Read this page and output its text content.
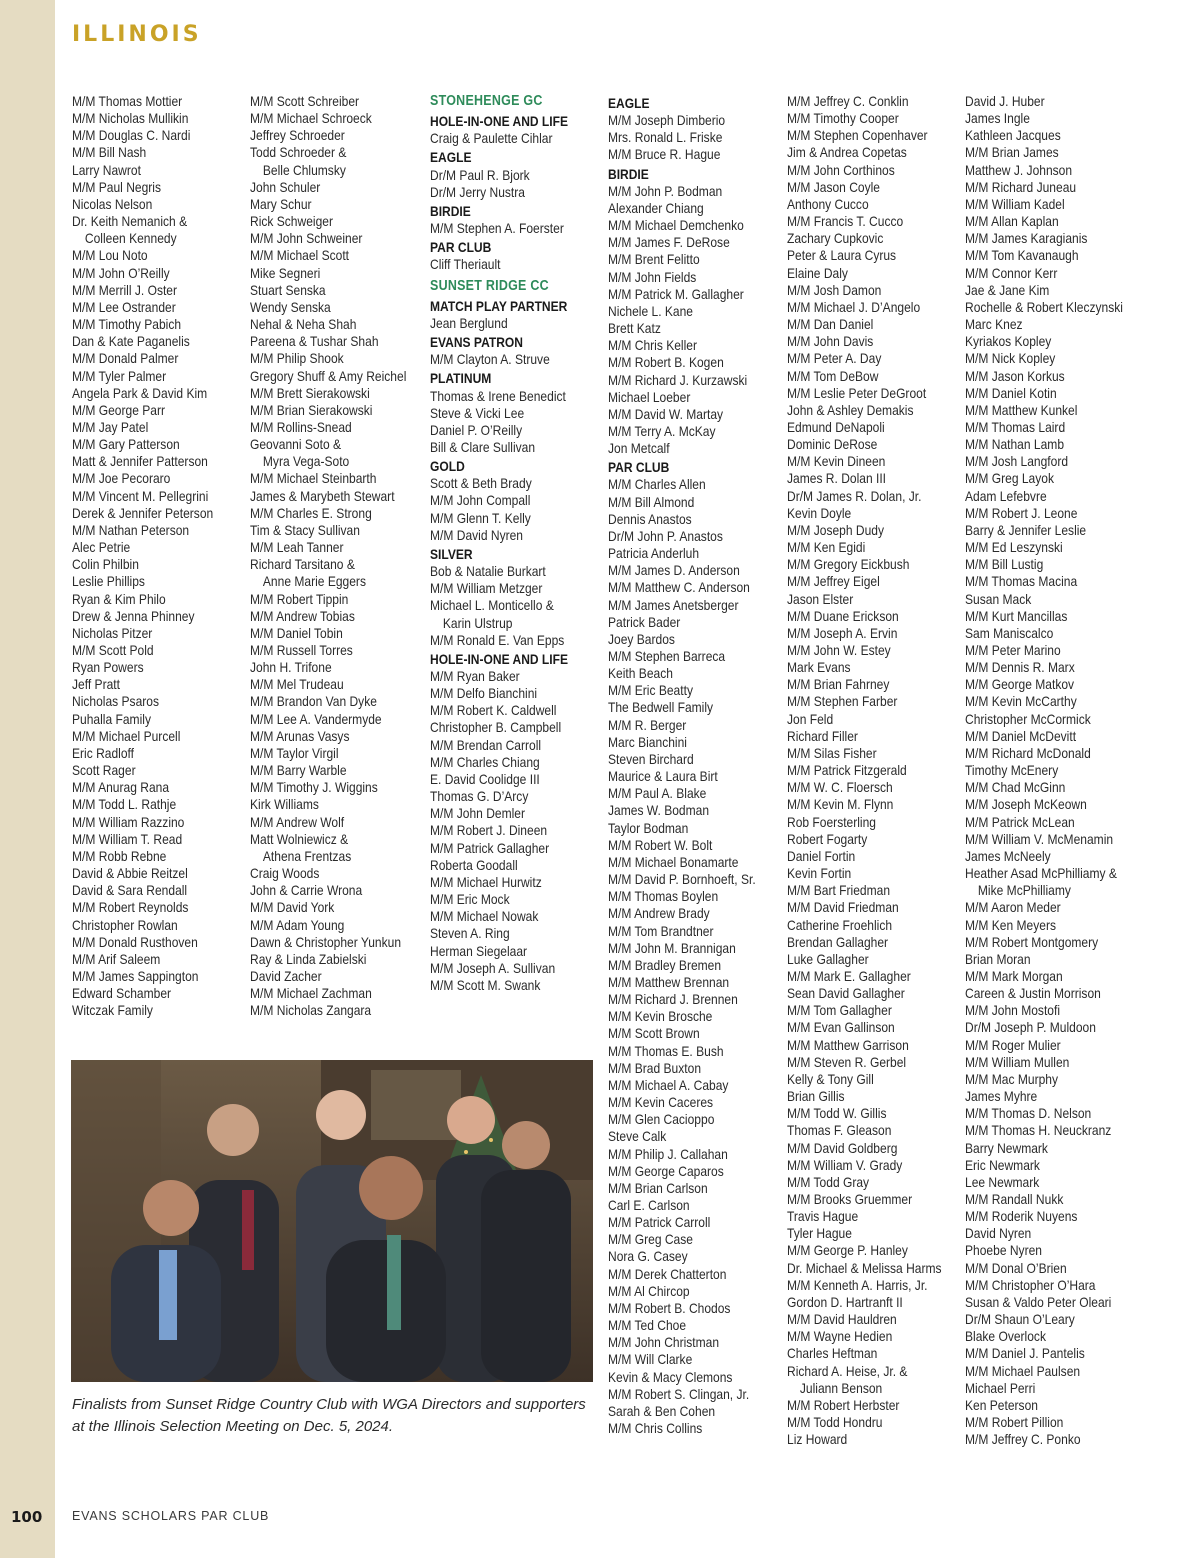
ILLINOIS
M/M Thomas Mottier
M/M Nicholas Mullikin
M/M Douglas C. Nardi
M/M Bill Nash
Larry Nawrot
M/M Paul Negris
Nicolas Nelson
Dr. Keith Nemanich &
Colleen Kennedy
M/M Lou Noto
M/M John O’Reilly
M/M Merrill J. Oster
M/M Lee Ostrander
M/M Timothy Pabich
Dan & Kate Paganelis
M/M Donald Palmer
M/M Tyler Palmer
Angela Park & David Kim
M/M George Parr
M/M Jay Patel
M/M Gary Patterson
Matt & Jennifer Patterson
M/M Joe Pecoraro
M/M Vincent M. Pellegrini
Derek & Jennifer Peterson
M/M Nathan Peterson
Alec Petrie
Colin Philbin
Leslie Phillips
Ryan & Kim Philo
Drew & Jenna Phinney
Nicholas Pitzer
M/M Scott Pold
Ryan Powers
Jeff Pratt
Nicholas Psaros
Puhalla Family
M/M Michael Purcell
Eric Radloff
Scott Rager
M/M Anurag Rana
M/M Todd L. Rathje
M/M William Razzino
M/M William T. Read
M/M Robb Rebne
David & Abbie Reitzel
David & Sara Rendall
M/M Robert Reynolds
Christopher Rowlan
M/M Donald Rusthoven
M/M Arif Saleem
M/M James Sappington
Edward Schamber
Witczak Family
M/M Scott Schreiber
M/M Michael Schroeck
Jeffrey Schroeder
Todd Schroeder &
Belle Chlumsky
John Schuler
Mary Schur
Rick Schweiger
M/M John Schweiner
M/M Michael Scott
Mike Segneri
Stuart Senska
Wendy Senska
Nehal & Neha Shah
Pareena & Tushar Shah
M/M Philip Shook
Gregory Shuff & Amy Reichel
M/M Brett Sierakowski
M/M Brian Sierakowski
M/M Rollins-Snead
Geovanni Soto &
Myra Vega-Soto
M/M Michael Steinbarth
James & Marybeth Stewart
M/M Charles E. Strong
Tim & Stacy Sullivan
M/M Leah Tanner
Richard Tarsitano &
Anne Marie Eggers
M/M Robert Tippin
M/M Andrew Tobias
M/M Daniel Tobin
M/M Russell Torres
John H. Trifone
M/M Mel Trudeau
M/M Brandon Van Dyke
M/M Lee A. Vandermyde
M/M Arunas Vasys
M/M Taylor Virgil
M/M Barry Warble
M/M Timothy J. Wiggins
Kirk Williams
M/M Andrew Wolf
Matt Wolniewicz &
Athena Frentzas
Craig Woods
John & Carrie Wrona
M/M David York
M/M Adam Young
Dawn & Christopher Yunkun
Ray & Linda Zabielski
David Zacher
M/M Michael Zachman
M/M Nicholas Zangara
STONEHENGE GC
HOLE-IN-ONE AND LIFE
Craig & Paulette Cihlar
EAGLE
Dr/M Paul R. Bjork
Dr/M Jerry Nustra
BIRDIE
M/M Stephen A. Foerster
PAR CLUB
Cliff Theriault
SUNSET RIDGE CC
MATCH PLAY PARTNER
Jean Berglund
EVANS PATRON
M/M Clayton A. Struve
PLATINUM
Thomas & Irene Benedict
Steve & Vicki Lee
Daniel P. O’Reilly
Bill & Clare Sullivan
GOLD
Scott & Beth Brady
M/M John Compall
M/M Glenn T. Kelly
M/M David Nyren
SILVER
Bob & Natalie Burkart
M/M William Metzger
Michael L. Monticello &
Karin Ulstrup
M/M Ronald E. Van Epps
HOLE-IN-ONE AND LIFE
M/M Ryan Baker
M/M Delfo Bianchini
M/M Robert K. Caldwell
Christopher B. Campbell
M/M Brendan Carroll
M/M Charles Chiang
E. David Coolidge III
Thomas G. D’Arcy
M/M John Demler
M/M Robert J. Dineen
M/M Patrick Gallagher
Roberta Goodall
M/M Michael Hurwitz
M/M Eric Mock
M/M Michael Nowak
Steven A. Ring
Herman Siegelaar
M/M Joseph A. Sullivan
M/M Scott M. Swank
EAGLE
M/M Joseph Dimberio
Mrs. Ronald L. Friske
M/M Bruce R. Hague
BIRDIE
M/M John P. Bodman
Alexander Chiang
M/M Michael Demchenko
M/M James F. DeRose
M/M Brent Felitto
M/M John Fields
M/M Patrick M. Gallagher
Nichele L. Kane
Brett Katz
M/M Chris Keller
M/M Robert B. Kogen
M/M Richard J. Kurzawski
Michael Loeber
M/M David W. Martay
M/M Terry A. McKay
Jon Metcalf
PAR CLUB
M/M Charles Allen
M/M Bill Almond
Dennis Anastos
Dr/M John P. Anastos
Patricia Anderluh
M/M James D. Anderson
M/M Matthew C. Anderson
M/M James Anetsberger
Patrick Bader
Joey Bardos
M/M Stephen Barreca
Keith Beach
M/M Eric Beatty
The Bedwell Family
M/M R. Berger
Marc Bianchini
Steven Birchard
Maurice & Laura Birt
M/M Paul A. Blake
James W. Bodman
Taylor Bodman
M/M Robert W. Bolt
M/M Michael Bonamarte
M/M David P. Bornhoeft, Sr.
M/M Thomas Boylen
M/M Andrew Brady
M/M Tom Brandtner
M/M John M. Brannigan
M/M Bradley Bremen
M/M Matthew Brennan
M/M Richard J. Brennen
M/M Kevin Brosche
M/M Scott Brown
M/M Thomas E. Bush
M/M Brad Buxton
M/M Michael A. Cabay
M/M Kevin Caceres
M/M Glen Cacioppo
Steve Calk
M/M Philip J. Callahan
M/M George Caparos
M/M Brian Carlson
Carl E. Carlson
M/M Patrick Carroll
M/M Greg Case
Nora G. Casey
M/M Derek Chatterton
M/M Al Chircop
M/M Robert B. Chodos
M/M Ted Choe
M/M John Christman
M/M Will Clarke
Kevin & Macy Clemons
M/M Robert S. Clingan, Jr.
Sarah & Ben Cohen
M/M Chris Collins
M/M Jeffrey C. Conklin
M/M Timothy Cooper
M/M Stephen Copenhaver
Jim & Andrea Copetas
M/M John Corthinos
M/M Jason Coyle
Anthony Cucco
M/M Francis T. Cucco
Zachary Cupkovic
Peter & Laura Cyrus
Elaine Daly
M/M Josh Damon
M/M Michael J. D’Angelo
M/M Dan Daniel
M/M John Davis
M/M Peter A. Day
M/M Tom DeBow
M/M Leslie Peter DeGroot
John & Ashley Demakis
Edmund DeNapoli
Dominic DeRose
M/M Kevin Dineen
James R. Dolan III
Dr/M James R. Dolan, Jr.
Kevin Doyle
M/M Joseph Dudy
M/M Ken Egidi
M/M Gregory Eickbush
M/M Jeffrey Eigel
Jason Elster
M/M Duane Erickson
M/M Joseph A. Ervin
M/M John W. Estey
Mark Evans
M/M Brian Fahrney
M/M Stephen Farber
Jon Feld
Richard Filler
M/M Silas Fisher
M/M Patrick Fitzgerald
M/M W. C. Floersch
M/M Kevin M. Flynn
Rob Foersterling
Robert Fogarty
Daniel Fortin
Kevin Fortin
M/M Bart Friedman
M/M David Friedman
Catherine Froehlich
Brendan Gallagher
Luke Gallagher
M/M Mark E. Gallagher
Sean David Gallagher
M/M Tom Gallagher
M/M Evan Gallinson
M/M Matthew Garrison
M/M Steven R. Gerbel
Kelly & Tony Gill
Brian Gillis
M/M Todd W. Gillis
Thomas F. Gleason
M/M David Goldberg
M/M William V. Grady
M/M Todd Gray
M/M Brooks Gruemmer
Travis Hague
Tyler Hague
M/M George P. Hanley
Dr. Michael & Melissa Harms
M/M Kenneth A. Harris, Jr.
Gordon D. Hartranft II
M/M David Hauldren
M/M Wayne Hedien
Charles Heftman
Richard A. Heise, Jr. &
Juliann Benson
M/M Robert Herbster
M/M Todd Hondru
Liz Howard
David J. Huber
James Ingle
Kathleen Jacques
M/M Brian James
Matthew J. Johnson
M/M Richard Juneau
M/M William Kadel
M/M Allan Kaplan
M/M James Karagianis
M/M Tom Kavanaugh
M/M Connor Kerr
Jae & Jane Kim
Rochelle & Robert Kleczynski
Marc Knez
Kyriakos Kopley
M/M Nick Kopley
M/M Jason Korkus
M/M Daniel Kotin
M/M Matthew Kunkel
M/M Thomas Laird
M/M Nathan Lamb
M/M Josh Langford
M/M Greg Layok
Adam Lefebvre
M/M Robert J. Leone
Barry & Jennifer Leslie
M/M Ed Leszynski
M/M Bill Lustig
M/M Thomas Macina
Susan Mack
M/M Kurt Mancillas
Sam Maniscalco
M/M Peter Marino
M/M Dennis R. Marx
M/M George Matkov
M/M Kevin McCarthy
Christopher McCormick
M/M Daniel McDevitt
M/M Richard McDonald
Timothy McEnery
M/M Chad McGinn
M/M Joseph McKeown
M/M Patrick McLean
M/M William V. McMenamin
James McNeely
Heather Asad McPhilliamy &
Mike McPhilliamy
M/M Aaron Meder
M/M Ken Meyers
M/M Robert Montgomery
Brian Moran
M/M Mark Morgan
Careen & Justin Morrison
M/M John Mostofi
Dr/M Joseph P. Muldoon
M/M Roger Mulier
M/M William Mullen
M/M Mac Murphy
James Myhre
M/M Thomas D. Nelson
M/M Thomas H. Neuckranz
Barry Newmark
Eric Newmark
Lee Newmark
M/M Randall Nukk
M/M Roderik Nuyens
David Nyren
Phoebe Nyren
M/M Donal O’Brien
M/M Christopher O’Hara
Susan & Valdo Peter Oleari
Dr/M Shaun O’Leary
Blake Overlock
M/M Daniel J. Pantelis
M/M Michael Paulsen
Michael Perri
Ken Peterson
M/M Robert Pillion
M/M Jeffrey C. Ponko

Finalists from Sunset Ridge Country Club with WGA Directors and supporters at the Illinois Selection Meeting on Dec. 5, 2024.

100 EVANS SCHOLARS PAR CLUB
